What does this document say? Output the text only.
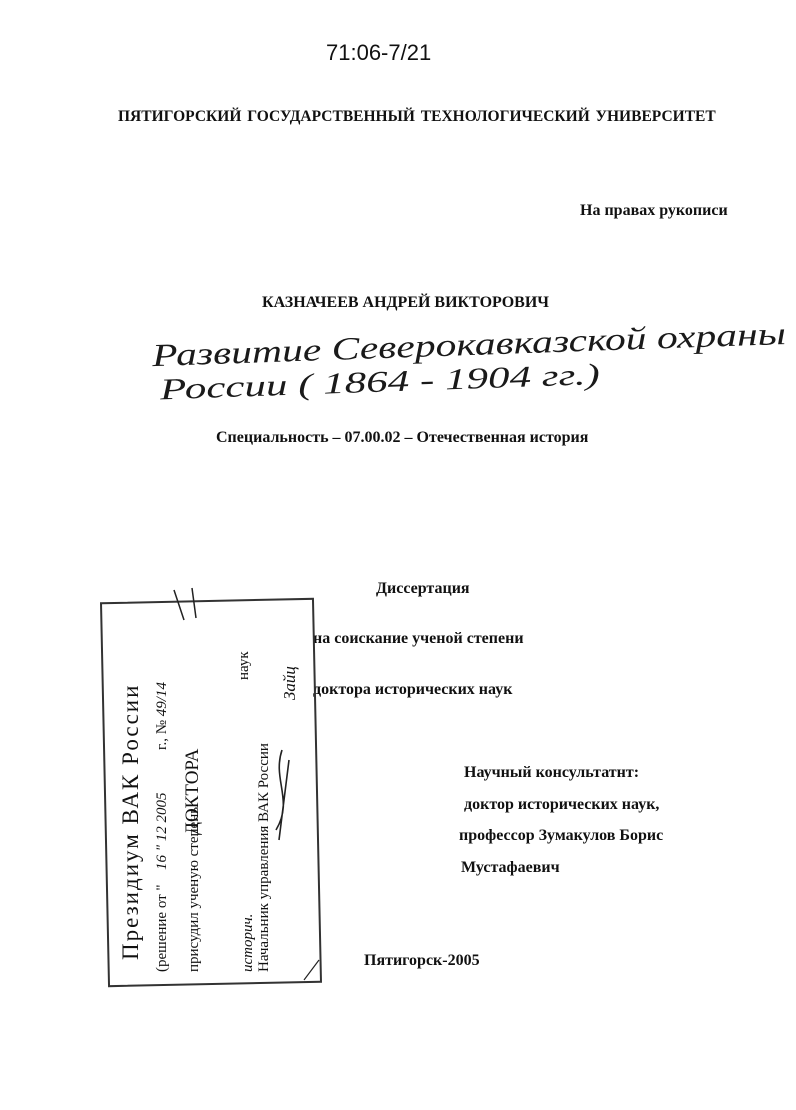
71:06-7/21
ПЯТИГОРСКИЙ ГОСУДАРСТВЕННЫЙ ТЕХНОЛОГИЧЕСКИЙ УНИВЕРСИТЕТ
На правах рукописи
КАЗНАЧЕЕВ АНДРЕЙ ВИКТОРОВИЧ
Развитие Северокавказской охраны
России ( 1864 - 1904 гг.)
Специальность – 07.00.02 – Отечественная история
Диссертация
на соискание ученой степени
доктора исторических наук
Научный консультатнт:
доктор исторических наук,
профессор Зумакулов Борис
Мустафаевич
Пятигорск-2005
Президиум ВАК России (решение от "
16 " 12 2005
г., № 49/14
присудил ученую степень
ДОКТОРА
историч.
наук
Начальник управления ВАК России
Зайц
